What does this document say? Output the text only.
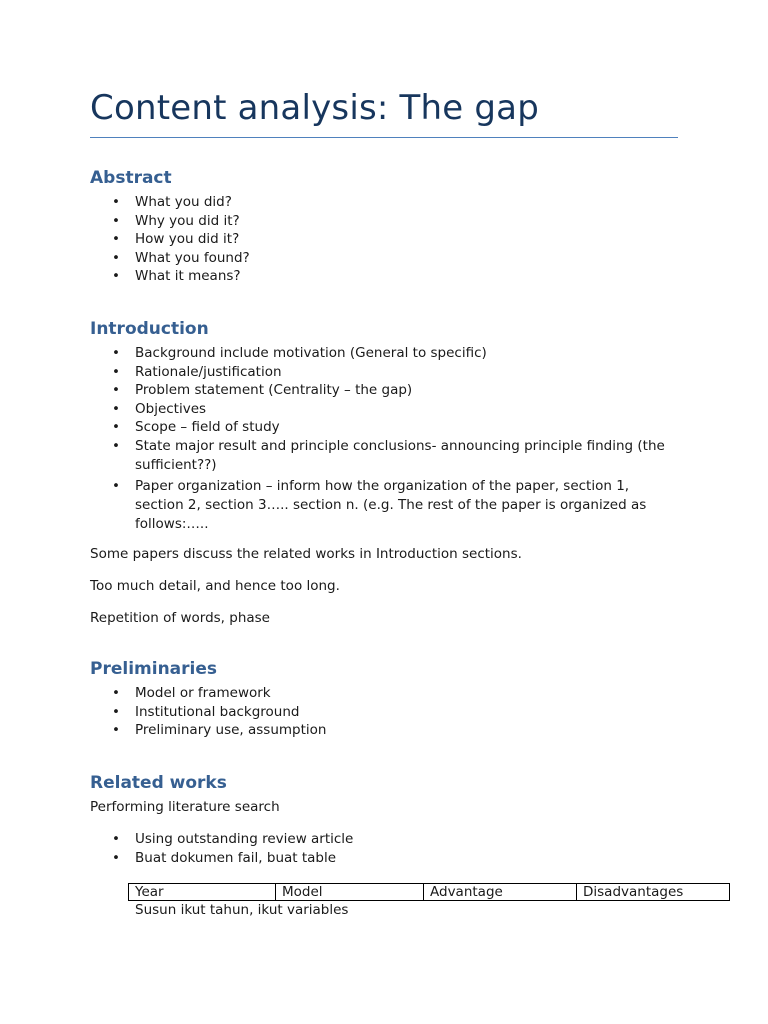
Content analysis: The gap
Abstract
• What you did?
• Why you did it?
• How you did it?
• What you found?
• What it means?
Introduction
• Background include motivation (General to specific)
• Rationale/justification
• Problem statement (Centrality – the gap)
• Objectives
• Scope – field of study
• State major result and principle conclusions- announcing principle finding (the sufficient??)
• Paper organization – inform how the organization of the paper, section 1, section 2, section 3….. section n. (e.g. The rest of the paper is organized as follows:…..

Some papers discuss the related works in Introduction sections.

Too much detail, and hence too long.

Repetition of words, phase

Preliminaries
• Model or framework
• Institutional background
• Preliminary use, assumption
Related works

Performing literature search

• Using outstanding review article
• Buat dokumen fail, buat table
Year	Model	Advantage	Disadvantages

Susun ikut tahun, ikut variables
